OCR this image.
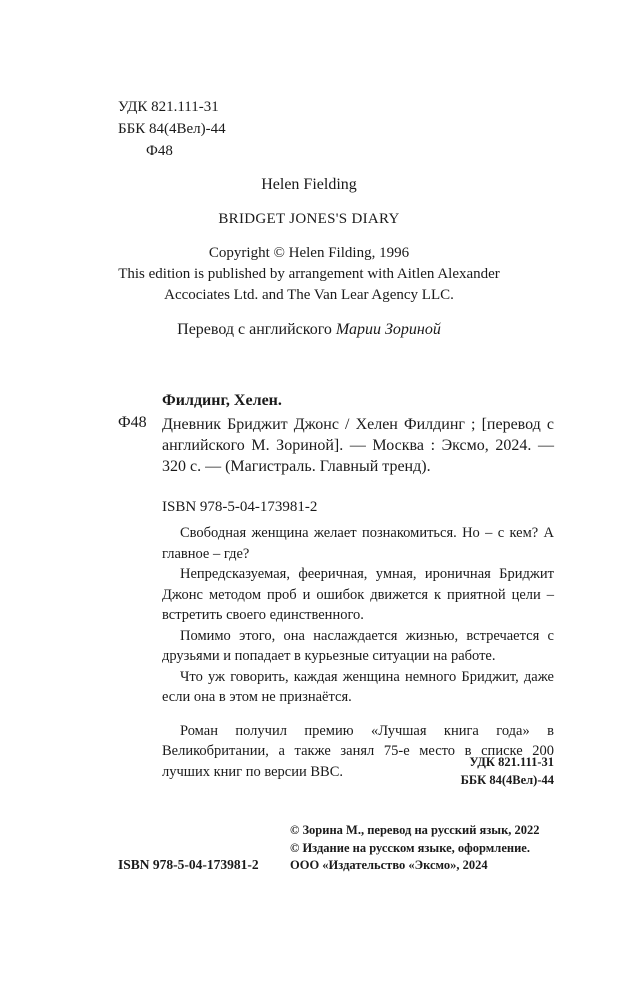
УДК 821.111-31
ББК 84(4Вел)-44
Ф48
Helen Fielding
BRIDGET JONES'S DIARY
Copyright © Helen Filding, 1996
This edition is published by arrangement with Aitlen Alexander
Accociates Ltd. and The Van Lear Agency LLC.
Перевод с английского Марии Зориной
Филдинг, Хелен.
Ф48 Дневник Бриджит Джонс / Хелен Филдинг ; [перевод с английского М. Зориной]. — Москва : Эксмо, 2024. — 320 с. — (Магистраль. Главный тренд).
ISBN 978-5-04-173981-2

Свободная женщина желает познакомиться. Но – с кем? А главное – где?

Непредсказуемая, фееричная, умная, ироничная Бриджит Джонс методом проб и ошибок движется к приятной цели – встретить своего единственного.

Помимо этого, она наслаждается жизнью, встречается с друзьями и попадает в курьезные ситуации на работе.

Что уж говорить, каждая женщина немного Бриджит, даже если она в этом не признаётся.

Роман получил премию «Лучшая книга года» в Великобритании, а также занял 75-е место в списке 200 лучших книг по версии BBC.

УДК 821.111-31
ББК 84(4Вел)-44
ISBN 978-5-04-173981-2
© Зорина М., перевод на русский язык, 2022
© Издание на русском языке, оформление.
ООО «Издательство «Эксмо», 2024
